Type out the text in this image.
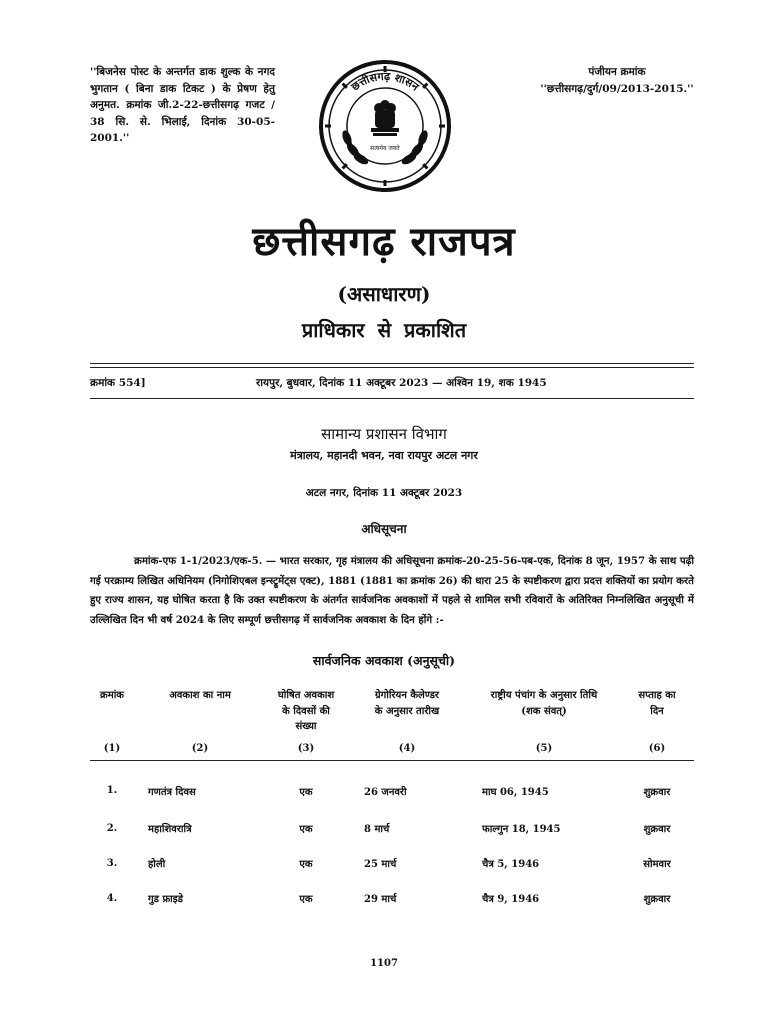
''बिजनेस पोस्ट के अन्तर्गत डाक शुल्क के नगद भुगतान ( बिना डाक टिकट ) के प्रेषण हेतु अनुमत. क्रमांक जी.2-22-छत्तीसगढ़ गजट / 38 सि. से. भिलाई, दिनांक 30-05-2001.''
पंजीयन क्रमांक
''छत्तीसगढ़/दुर्ग/09/2013-2015.''
छत्तीसगढ़ शासन
सत्यमेव जयते
छत्तीसगढ़ राजपत्र
(असाधारण)
प्राधिकार से प्रकाशित
क्रमांक 554]	रायपुर, बुधवार, दिनांक 11 अक्टूबर 2023 — अश्विन 19, शक 1945
सामान्य प्रशासन विभाग
मंत्रालय, महानदी भवन, नवा रायपुर अटल नगर
अटल नगर, दिनांक 11 अक्टूबर 2023
अधिसूचना
क्रमांक-एफ 1-1/2023/एक-5. — भारत सरकार, गृह मंत्रालय की अधिसूचना क्रमांक-20-25-56-पब-एक, दिनांक 8 जून, 1957 के साथ पढ़ी गई परक्राम्य लिखित अधिनियम (निगोशिएबल इन्स्ट्रूमेंट्स एक्ट), 1881 (1881 का क्रमांक 26) की धारा 25 के स्पष्टीकरण द्वारा प्रदत्त शक्तियों का प्रयोग करते हुए राज्य शासन, यह घोषित करता है कि उक्त स्पष्टीकरण के अंतर्गत सार्वजनिक अवकाशों में पहले से शामिल सभी रविवारों के अतिरिक्त निम्नलिखित अनुसूची में उल्लिखित दिन भी वर्ष 2024 के लिए सम्पूर्ण छत्तीसगढ़ में सार्वजनिक अवकाश के दिन होंगे :-
सार्वजनिक अवकाश (अनुसूची)
क्रमांक	अवकाश का नाम	घोषित अवकाश के दिवसों की संख्या	ग्रेगोरियन कैलेण्डर के अनुसार तारीख	राष्ट्रीय पंचांग के अनुसार तिथि (शक संवत्)	सप्ताह का दिन

(1)	(2)	(3)	(4)	(5)	(6)
1.	गणतंत्र दिवस	एक	26 जनवरी	माघ 06, 1945	शुक्रवार
2.	महाशिवरात्रि	एक	8 मार्च	फाल्गुन 18, 1945	शुक्रवार
3.	होली	एक	25 मार्च	चैत्र 5, 1946	सोमवार
4.	गुड फ्राइडे	एक	29 मार्च	चैत्र 9, 1946	शुक्रवार
1107
